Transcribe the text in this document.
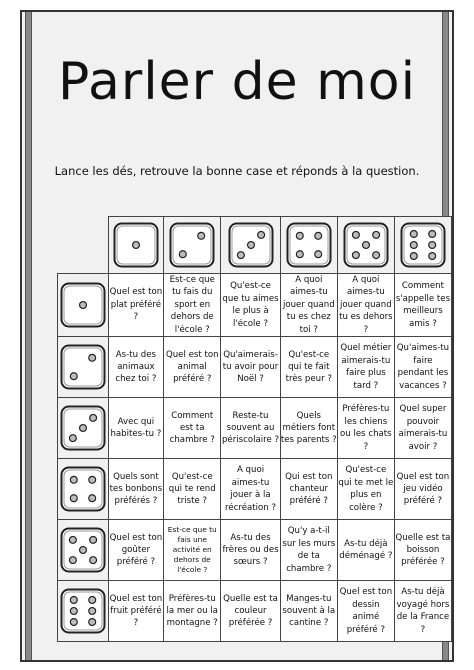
Parler de moi
Lance les dés, retrouve la bonne case et réponds à la question.

	Quel est ton plat préféré ?	Est-ce que tu fais du sport en dehors de l'école ?	Qu'est-ce que tu aimes le plus à l'école ?	A quoi aimes-tu jouer quand tu es chez toi ?	A quoi aimes-tu jouer quand tu es dehors ?	Comment s'appelle tes meilleurs amis ?

	As-tu des animaux chez toi ?	Quel est ton animal préféré ?	Qu'aimerais-tu avoir pour Noël ?	Qu'est-ce qui te fait très peur ?	Quel métier aimerais-tu faire plus tard ?	Qu'aimes-tu faire pendant les vacances ?

	Avec qui habites-tu ?	Comment est ta chambre ?	Reste-tu souvent au périscolaire ?	Quels métiers font tes parents ?	Préfères-tu les chiens ou les chats ?	Quel super pouvoir aimerais-tu avoir ?

	Quels sont tes bonbons préférés ?	Qu'est-ce qui te rend triste ?	A quoi aimes-tu jouer à la récréation ?	Qui est ton chanteur préféré ?	Qu'est-ce qui te met le plus en colère ?	Quel est ton jeu vidéo préféré ?

	Quel est ton goûter préféré ?	Est-ce que tu fais une activité en dehors de l'école ?	As-tu des frères ou des sœurs ?	Qu'y a-t-il sur les murs de ta chambre ?	As-tu déjà déménagé ?	Quelle est ta boisson préférée ?

	Quel est ton fruit préféré ?	Préfères-tu la mer ou la montagne ?	Quelle est ta couleur préférée ?	Manges-tu souvent à la cantine ?	Quel est ton dessin animé préféré ?	As-tu déjà voyagé hors de la France ?
